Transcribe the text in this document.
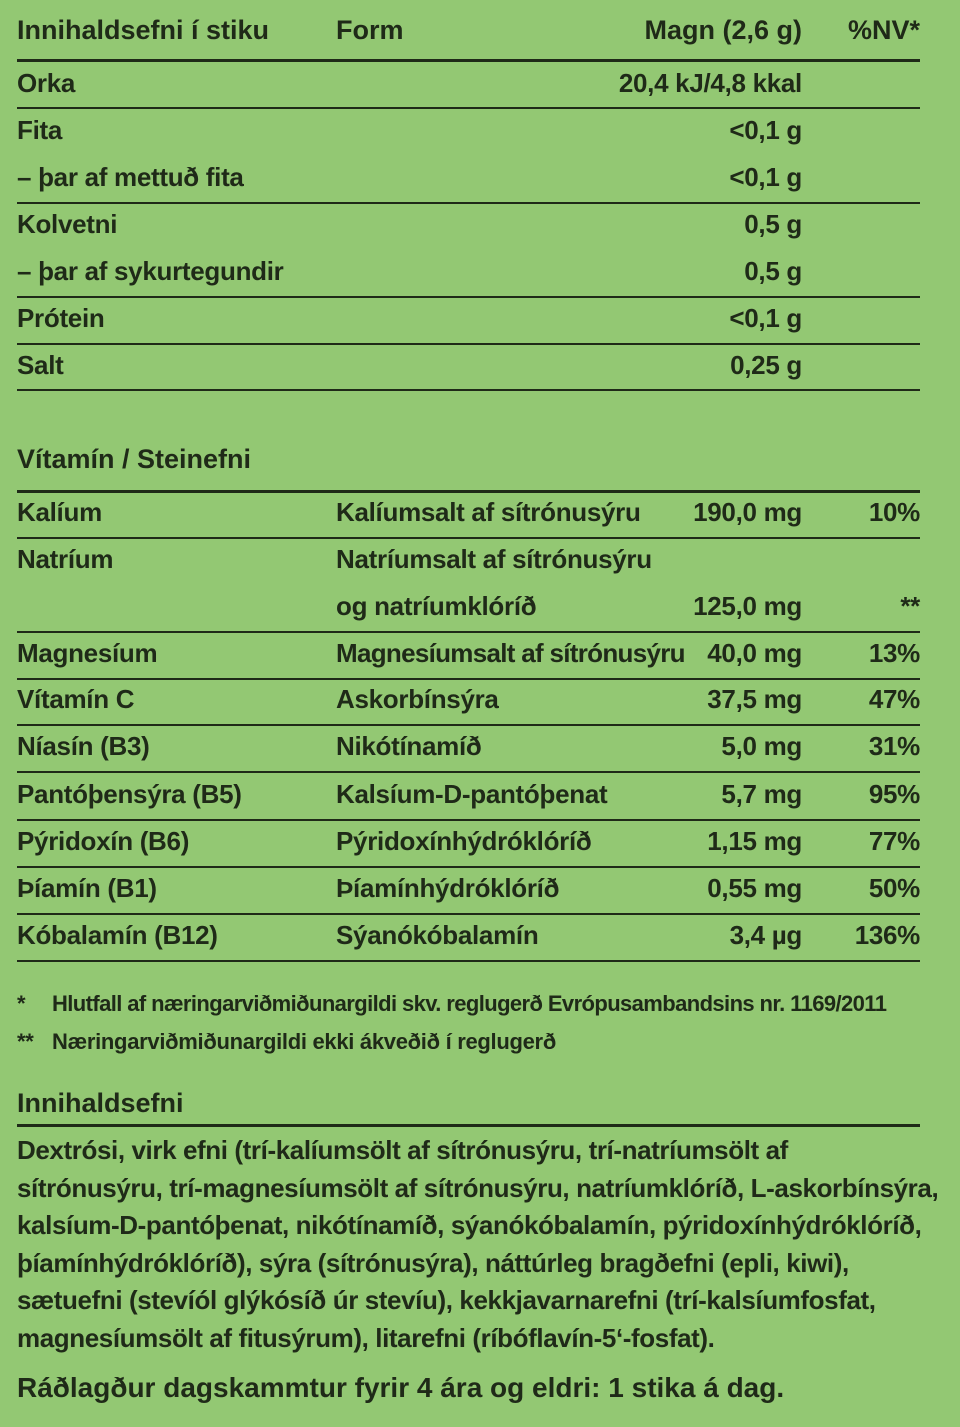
Innihaldsefni í stiku Form	Magn (2,6 g) %NV*
Orka	20,4 kJ/4,8 kkal
Fita	<0,1 g
– þar af mettuð fita	<0,1 g
Kolvetni	0,5 g
– þar af sykurtegundir	0,5 g
Prótein	<0,1 g
Salt	0,25 g
Vítamín / Steinefni
Kalíum	Kalíumsalt af sítrónusýru 190,0 mg	10%
Natríum	Natríumsalt af sítrónusýru
og natríumklóríð	125,0 mg	**
Magnesíum	Magnesíumsalt af sítrónusýru 40,0 mg	13%
Vítamín C	Askorbínsýra	37,5 mg	47%
Níasín (B3)	Nikótínamíð	5,0 mg	31%
Pantóþensýra (B5)	Kalsíum-D-pantóþenat	5,7 mg	95%
Pýridoxín (B6)	Pýridoxínhýdróklóríð	1,15 mg	77%
Þíamín (B1)	Þíamínhýdróklóríð	0,55 mg	50%
Kóbalamín (B12)	Sýanókóbalamín	3,4 µg 136%
* Hlutfall af næringarviðmiðunargildi skv. reglugerð Evrópusambandsins nr. 1169/2011
** Næringarviðmiðunargildi ekki ákveðið í reglugerð
Innihaldsefni
Dextrósi, virk efni (trí-kalíumsölt af sítrónusýru, trí-natríumsölt af
sítrónusýru, trí-magnesíumsölt af sítrónusýru, natríumklóríð, L-askorbínsýra,
kalsíum-D-pantóþenat, nikótínamíð, sýanókóbalamín, pýridoxínhýdróklóríð,
þíamínhýdróklóríð), sýra (sítrónusýra), náttúrleg bragðefni (epli, kiwi),
sætuefni (stevíól glýkósíð úr stevíu), kekkjavarnarefni (trí-kalsíumfosfat,
magnesíumsölt af fitusýrum), litarefni (ríbóflavín-5‘-fosfat).
Ráðlagður dagskammtur fyrir 4 ára og eldri: 1 stika á dag.
